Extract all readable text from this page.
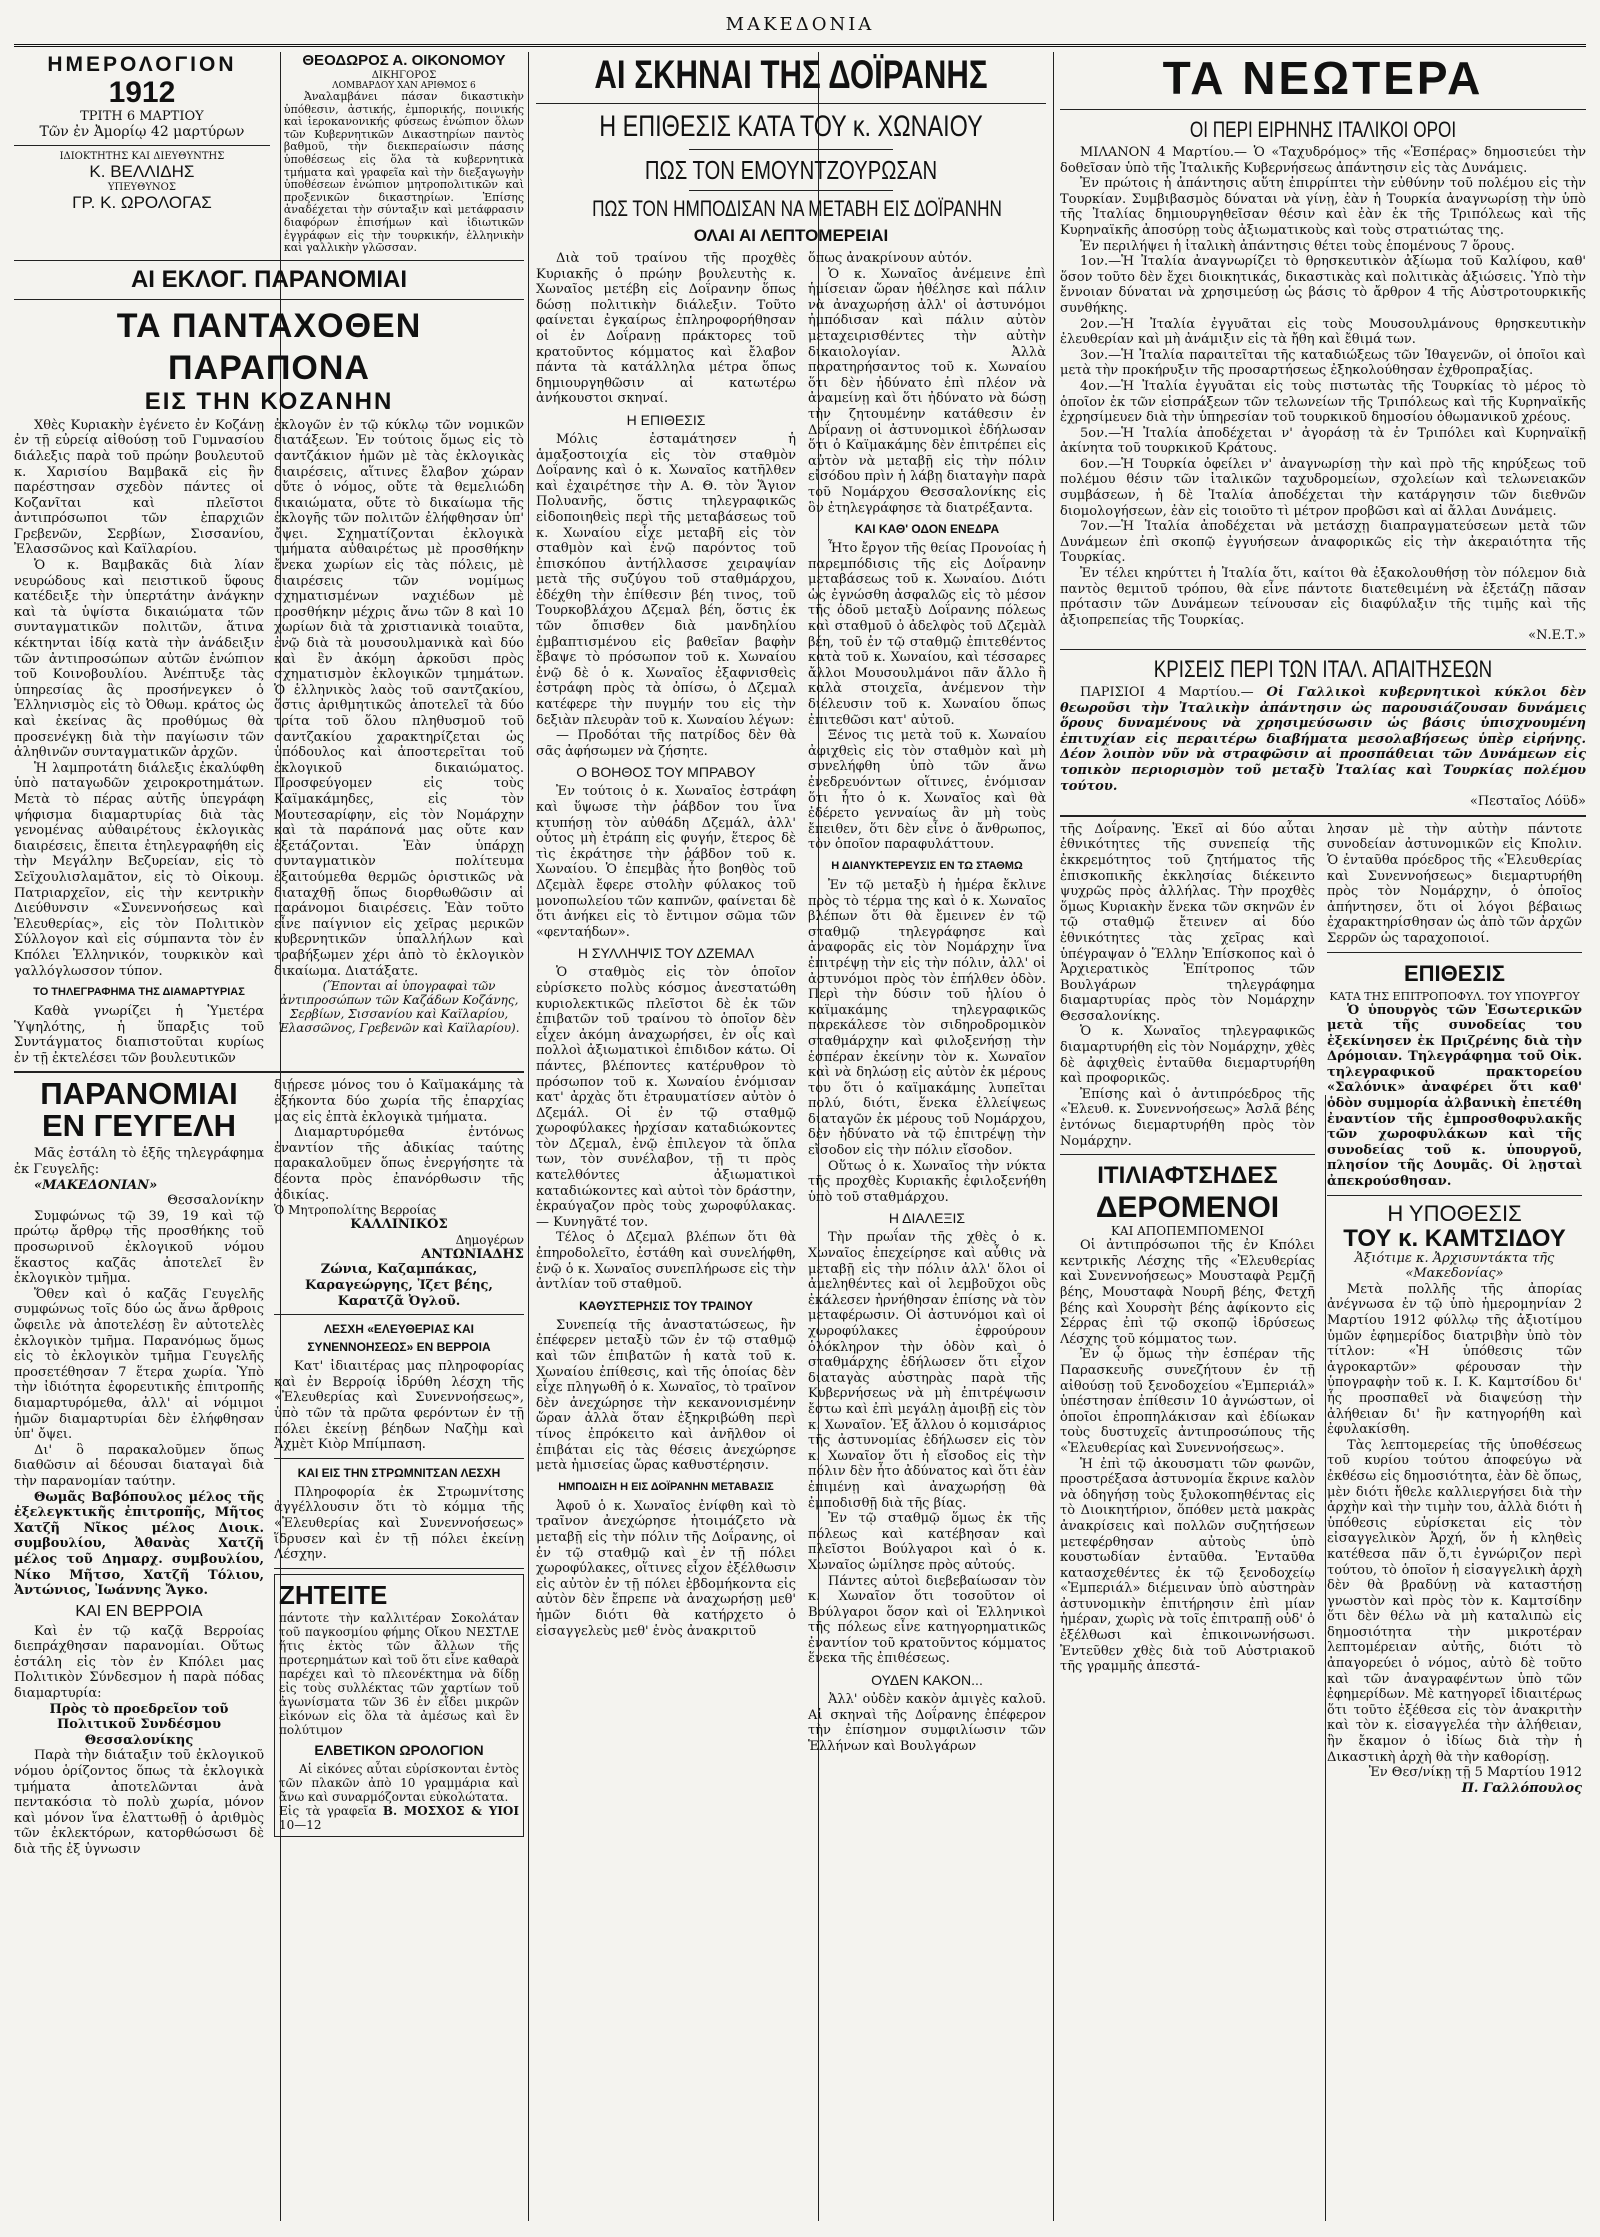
ΜΑΚΕΔΟΝΙΑ
ΗΜΕΡΟΛΟΓΙΟΝ
1912
ΤΡΙΤΗ 6 ΜΑΡΤΙΟΥ
Τῶν ἐν Ἀμορίῳ 42 μαρτύρων
ΙΔΙΟΚΤΗΤΗΣ ΚΑΙ ΔΙΕΥΘΥΝΤΗΣ
Κ. ΒΕΛΛΙΔΗΣ
ΥΠΕΥΘΥΝΟΣ
ΓΡ. Κ. ΩΡΟΛΟΓΑΣ
ΘΕΟΔΩΡΟΣ Α. ΟΙΚΟΝΟΜΟΥ
ΔΙΚΗΓΟΡΟΣ
ΛΟΜΒΑΡΔΟΥ ΧΑΝ ΑΡΙΘΜΟΣ 6

Ἀναλαμβάνει πάσαν δικαστικὴν ὑπόθεσιν, ἀστικής, ἐμπορικής, ποινικής καὶ ἱεροκανονικής φύσεως ἐνώπιον ὅλων τῶν Κυβερνητικῶν Δικαστηρίων παντὸς βαθμοῦ, τὴν διεκπεραίωσιν πάσης ὑποθέσεως εἰς ὅλα τὰ κυβερνητικὰ τμήματα καὶ γραφεῖα καὶ τὴν διεξαγωγὴν ὑποθέσεων ἐνώπιον μητροπολιτικῶν καὶ προξενικῶν δικαστηρίων. Ἐπίσης ἀναδέχεται τὴν σύνταξιν καὶ μετάφρασιν διαφόρων ἐπισήμων καὶ ἰδιωτικῶν ἐγγράφων εἰς τὴν τουρκικήν, ἑλληνικὴν καὶ γαλλικὴν γλῶσσαν.

ΑΙ ΕΚΛΟΓ. ΠΑΡΑΝΟΜΙΑΙ
ΤΑ ΠΑΝΤΑΧΟΘΕΝ ΠΑΡΑΠΟΝΑ
ΕΙΣ ΤΗΝ ΚΟΖΑΝΗΝ

Χθὲς Κυριακὴν ἐγένετο ἐν Κοζάνῃ ἐν τῇ εὐρείᾳ αἰθούσῃ τοῦ Γυμνασίου διάλεξις παρὰ τοῦ πρώην βουλευτοῦ κ. Χαρισίου Βαμβακᾶ εἰς ἣν παρέστησαν σχεδὸν πάντες οἱ Κοζανῖται καὶ πλεῖστοι ἀντιπρόσωποι τῶν ἐπαρχιῶν Γρεβενῶν, Σερβίων, Σισσανίου, Ἐλασσῶνος καὶ Καϊλαρίου.

Ὁ κ. Βαμβακᾶς διὰ λίαν νευρώδους καὶ πειστικοῦ ὕφους κατέδειξε τὴν ὑπερτάτην ἀνάγκην καὶ τὰ ὑψίστα δικαιώματα τῶν συνταγματικῶν πολιτῶν, ἅτινα κέκτηνται ἰδίᾳ κατὰ τὴν ἀνάδειξιν τῶν ἀντιπροσώπων αὐτῶν ἐνώπιον τοῦ Κοινοβουλίου. Ἀνέπτυξε τὰς ὑπηρεσίας ἃς προσήνεγκεν ὁ Ἑλληνισμὸς εἰς τὸ Ὀθωμ. κράτος ὡς καὶ ἐκείνας ἃς προθύμως θὰ προσενέγκῃ διὰ τὴν παγίωσιν τῶν ἀληθινῶν συνταγματικῶν ἀρχῶν.

Ἡ λαμπροτάτη διάλεξις ἐκαλύφθη ὑπὸ παταγωδῶν χειροκροτημάτων. Μετὰ τὸ πέρας αὐτῆς ὑπεγράφη ψήφισμα διαμαρτυρίας διὰ τὰς γενομένας αὐθαιρέτους ἐκλογικὰς διαιρέσεις, ἔπειτα ἐτηλεγραφήθη εἰς τὴν Μεγάλην Βεζυρείαν, εἰς τὸ Σεϊχουλισλαμᾶτον, εἰς τὸ Οἰκουμ. Πατριαρχεῖον, εἰς τὴν κεντρικὴν Διεύθυνσιν «Συνεννοήσεως καὶ Ἐλευθερίας», εἰς τὸν Πολιτικὸν Σύλλογον καὶ εἰς σύμπαντα τὸν ἐν Κπόλει Ἑλληνικόν, τουρκικὸν καὶ γαλλόγλωσσον τύπον.

ΤΟ ΤΗΛΕΓΡΑΦΗΜΑ ΤΗΣ ΔΙΑΜΑΡΤΥΡΙΑΣ

Καθὰ γνωρίζει ἡ Ὑμετέρα Ὑψηλότης, ἡ ὕπαρξις τοῦ Συντάγματος διαπιστοῦται κυρίως ἐν τῇ ἐκτελέσει τῶν βουλευτικῶν

ἐκλογῶν ἐν τῷ κύκλῳ τῶν νομικῶν διατάξεων. Ἐν τούτοις ὅμως εἰς τὸ σαντζάκιον ἡμῶν μὲ τὰς ἐκλογικὰς διαιρέσεις, αἵτινες ἔλαβον χώραν οὔτε ὁ νόμος, οὔτε τὰ θεμελιώδη δικαιώματα, οὔτε τὸ δικαίωμα τῆς ἐκλογῆς τῶν πολιτῶν ἐλήφθησαν ὑπ' ὄψει. Σχηματίζονται ἐκλογικὰ τμήματα αὐθαιρέτως μὲ προσθήκην ἔνεκα χωρίων εἰς τὰς πόλεις, μὲ διαιρέσεις τῶν νομίμως σχηματισμένων ναχιέδων μὲ προσθήκην μέχρις ἄνω τῶν 8 καὶ 10 χωρίων διὰ τὰ χριστιανικὰ τοιαῦτα, ἐνῷ διὰ τὰ μουσουλμανικὰ καὶ δύο καὶ ἓν ἀκόμη ἀρκοῦσι πρὸς σχηματισμὸν ἐκλογικῶν τμημάτων. Ὁ ἑλληνικὸς λαὸς τοῦ σαντζακίου, ὅστις ἀριθμητικῶς ἀποτελεῖ τὰ δύο τρίτα τοῦ ὅλου πληθυσμοῦ τοῦ σαντζακίου χαρακτηρίζεται ὡς ὑπόδουλος καὶ ἀποστερεῖται τοῦ ἐκλογικοῦ δικαιώματος. Προσφεύγομεν εἰς τοὺς Καϊμακάμηδες, εἰς τὸν Μουτεσαρίφην, εἰς τὸν Νομάρχην καὶ τὰ παράπονά μας οὔτε καν ἐξετάζονται. Ἐὰν ὑπάρχῃ συνταγματικὸν πολίτευμα ἐξαιτούμεθα θερμῶς ὁριστικῶς νὰ διαταχθῇ ὅπως διορθωθῶσιν αἱ παράνομοι διαιρέσεις. Ἐὰν τοῦτο εἶνε παίγνιον εἰς χεῖρας μερικῶν κυβερνητικῶν ὑπαλλήλων καὶ τραβήξωμεν χέρι ἀπὸ τὸ ἐκλογικὸν δικαίωμα. Διατάξατε.

(Ἕπονται αἱ ὑπογραφαὶ τῶν ἀντιπροσώπων τῶν Καζάδων Κοζάνης, Σερβίων, Σισσανίου καὶ Καϊλαρίου, Ἐλασσῶνος, Γρεβενῶν καὶ Καϊλαρίου).

ΠΑΡΑΝΟΜΙΑΙ
ΕΝ ΓΕΥΓΕΛΗ

Μᾶς ἐστάλη τὸ ἑξῆς τηλεγράφημα ἐκ Γευγελῆς:

«ΜΑΚΕΔΟΝΙΑΝ»

Θεσσαλονίκην

Συμφώνως τῷ 39, 19 καὶ τῷ πρώτῳ ἄρθρῳ τῆς προσθήκης τοῦ προσωρινοῦ ἐκλογικοῦ νόμου ἕκαστος καζᾶς ἀποτελεῖ ἓν ἐκλογικὸν τμῆμα.

Ὅθεν καὶ ὁ καζᾶς Γευγελῆς συμφώνως τοῖς δύο ὡς ἄνω ἄρθροις ὤφειλε νὰ ἀποτελέσῃ ἓν αὐτοτελὲς ἐκλογικὸν τμῆμα. Παρανόμως ὅμως εἰς τὸ ἐκλογικὸν τμῆμα Γευγελῆς προσετέθησαν 7 ἕτερα χωρία. Ὑπὸ τὴν ἰδιότητα ἐφορευτικῆς ἐπιτροπῆς διαμαρτυρόμεθα, ἀλλ' αἱ νόμιμοι ἡμῶν διαμαρτυρίαι δὲν ἐλήφθησαν ὑπ' ὄψει.

Δι' ὃ παρακαλοῦμεν ὅπως διαθῶσιν αἱ δέουσαι διαταγαὶ διὰ τὴν παρανομίαν ταύτην.

Θωμᾶς Βαβόπουλος μέλος τῆς ἐξελεγκτικῆς ἐπιτροπῆς, Μῆτος Χατζῆ Νῖκος μέλος Διοικ. συμβουλίου, Ἀθανὰς Χατζῆ μέλος τοῦ Δημαρχ. συμβουλίου, Νίκο Μῆτσο, Χατζῆ Τόλιου, Ἀντώνιος, Ἰωάννης Ἄγκο.

ΚΑΙ ΕΝ ΒΕΡΡΟΙΑ

Καὶ ἐν τῷ καζᾷ Βερροίας διεπράχθησαν παρανομίαι. Οὕτως ἐστάλη εἰς τὸν ἐν Κπόλει μας Πολιτικὸν Σύνδεσμον ἡ παρὰ πόδας διαμαρτυρία:

Πρὸς τὸ προεδρεῖον τοῦ Πολιτικοῦ Συνδέσμου Θεσσαλονίκης

Παρὰ τὴν διάταξιν τοῦ ἐκλογικοῦ νόμου ὁρίζοντος ὅπως τὰ ἐκλογικὰ τμήματα ἀποτελῶνται ἀνὰ πεντακόσια τὸ πολὺ χωρία, μόνον καὶ μόνον ἵνα ἐλαττωθῇ ὁ ἀριθμὸς τῶν ἐκλεκτόρων, κατορθώσωσι δὲ διὰ τῆς ἐξ ὑγνωσιν

διῄρεσε μόνος του ὁ Καϊμακάμης τὰ ἑξήκοντα δύο χωρία τῆς ἐπαρχίας μας εἰς ἑπτὰ ἐκλογικὰ τμήματα.

Διαμαρτυρόμεθα ἐντόνως ἐναντίον τῆς ἀδικίας ταύτης παρακαλοῦμεν ὅπως ἐνεργήσητε τὰ δέοντα πρὸς ἐπανόρθωσιν τῆς ἀδικίας.

Ὁ Μητροπολίτης Βερροίας

ΚΑΛΛΙΝΙΚΟΣ

Δημογέρων

ΑΝΤΩΝΙΑΔΗΣ

Ζώνια, Καζαμπάκας, Καραγεώργης, Ἰζετ βέης, Καρατζᾶ Ὀγλοῦ.

ΛΕΣΧΗ «ΕΛΕΥΘΕΡΙΑΣ ΚΑΙ ΣΥΝΕΝΝΟΗΣΕΩΣ» ΕΝ ΒΕΡΡΟΙΑ

Κατ' ἰδιαιτέρας μας πληροφορίας καὶ ἐν Βερροίᾳ ἱδρύθη λέσχη τῆς «Ἐλευθερίας καὶ Συνεννοήσεως», ὑπὸ τῶν τὰ πρῶτα φερόντων ἐν τῇ πόλει ἐκείνῃ βέηδων Ναζὴμ καὶ Ἀχμὲτ Κιὸρ Μπίμπαση.

ΚΑΙ ΕΙΣ ΤΗΝ ΣΤΡΩΜΝΙΤΣΑΝ ΛΕΣΧΗ

Πληροφορία ἐκ Στρωμνίτσης ἀγγέλλουσιν ὅτι τὸ κόμμα τῆς «Ἐλευθερίας καὶ Συνεννοήσεως» ἵδρυσεν καὶ ἐν τῇ πόλει ἐκείνῃ Λέσχην.

ΖΗΤΕΙΤΕ

πάντοτε τὴν καλλιτέραν Σοκολάταν τοῦ παγκοσμίου φήμης Οἴκου ΝΕΣΤΛΕ ἥτις ἐκτὸς τῶν ἄλλων τῆς προτερημάτων καὶ τοῦ ὅτι εἶνε καθαρὰ παρέχει καὶ τὸ πλεονέκτημα νὰ δίδῃ εἰς τοὺς συλλέκτας τῶν χαρτίων τοῦ ἀγωνίσματα τῶν 36 ἐν εἴδει μικρῶν εἰκόνων εἰς ὅλα τὰ ἀμέσως καὶ ἓν πολύτιμον

ΕΛΒΕΤΙΚΟΝ ΩΡΟΛΟΓΙΟΝ

Αἱ εἰκόνες αὗται εὑρίσκονται ἐντὸς τῶν πλακῶν ἀπὸ 10 γραμμάρια καὶ ἄνω καὶ συναρμόζονται εὐκολώτατα.

Εἰς τὰ γραφεῖα Β. ΜΟΣΧΟΣ & ΥΙΟΙ 10—12

ΑΙ ΣΚΗΝΑΙ ΤΗΣ ΔΟΪΡΑΝΗΣ
Η ΕΠΙΘΕΣΙΣ ΚΑΤΑ ΤΟΥ κ. ΧΩΝΑΙΟΥ
ΠΩΣ ΤΟΝ ΕΜΟΥΝΤΖΟΥΡΩΣΑΝ
ΠΩΣ ΤΟΝ ΗΜΠΟΔΙΣΑΝ ΝΑ ΜΕΤΑΒΗ ΕΙΣ ΔΟΪΡΑΝΗΝ
ΟΛΑΙ ΑΙ ΛΕΠΤΟΜΕΡΕΙΑΙ

Διὰ τοῦ τραίνου τῆς προχθὲς Κυριακῆς ὁ πρώην βουλευτὴς κ. Χωναῖος μετέβη εἰς Δοΐρανην ὅπως δώσῃ πολιτικὴν διάλεξιν. Τοῦτο φαίνεται ἐγκαίρως ἐπληροφορήθησαν οἱ ἐν Δοΐρανῃ πράκτορες τοῦ κρατοῦντος κόμματος καὶ ἔλαβον πάντα τὰ κατάλληλα μέτρα ὅπως δημιουργηθῶσιν αἱ κατωτέρω ἀνήκουστοι σκηναί.

Η ΕΠΙΘΕΣΙΣ

Μόλις ἐσταμάτησεν ἡ ἁμαξοστοιχία εἰς τὸν σταθμὸν Δοΐρανης καὶ ὁ κ. Χωναῖος κατῆλθεν καὶ ἐχαιρέτησε τὴν Α. Θ. τὸν Ἅγιον Πολυανῆς, ὅστις τηλεγραφικῶς εἰδοποιηθεὶς περὶ τῆς μεταβάσεως τοῦ κ. Χωναίου εἶχε μεταβῆ εἰς τὸν σταθμὸν καὶ ἐνῷ παρόντος τοῦ ἐπισκόπου ἀντήλλασσε χειραψίαν μετὰ τῆς συζύγου τοῦ σταθμάρχου, ἐδέχθη τὴν ἐπίθεσιν βέη τινος, τοῦ Τουρκοβλάχου Δζεμαλ βέη, ὅστις ἐκ τῶν ὄπισθεν διὰ μανδηλίου ἐμβαπτισμένου εἰς βαθεῖαν βαφὴν ἔβαψε τὸ πρόσωπον τοῦ κ. Χωναίου ἐνῷ δὲ ὁ κ. Χωναῖος ἐξαφνισθεὶς ἐστράφη πρὸς τὰ ὀπίσω, ὁ Δζεμαλ κατέφερε τὴν πυγμήν του εἰς τὴν δεξιὰν πλευρὰν τοῦ κ. Χωναίου λέγων:

— Προδόται τῆς πατρίδος δὲν θὰ σᾶς ἀφήσωμεν νὰ ζήσητε.

Ο ΒΟΗΘΟΣ ΤΟΥ ΜΠΡΑΒΟΥ

Ἐν τούτοις ὁ κ. Χωναῖος ἐστράφη καὶ ὕψωσε τὴν ῥάβδον του ἵνα κτυπήσῃ τὸν αὐθάδη Δζεμάλ, ἀλλ' οὗτος μὴ ἐτράπη εἰς φυγήν, ἕτερος δὲ τὶς ἐκράτησε τὴν ῥάβδον τοῦ κ. Χωναίου. Ὁ ἐπεμβὰς ἦτο βοηθὸς τοῦ Δζεμὰλ ἔφερε στολὴν φύλακος τοῦ μονοπωλείου τῶν καπνῶν, φαίνεται δὲ ὅτι ἀνήκει εἰς τὸ ἔντιμον σῶμα τῶν «φενταήδων».

Η ΣΥΛΛΗΨΙΣ ΤΟΥ ΔΖΕΜΑΛ

Ὁ σταθμὸς εἰς τὸν ὁποῖον εὑρίσκετο πολὺς κόσμος ἀνεστατώθη κυριολεκτικῶς πλεῖστοι δὲ ἐκ τῶν ἐπιβατῶν τοῦ τραίνου τὸ ὁποῖον δὲν εἶχεν ἀκόμη ἀναχωρήσει, ἐν οἷς καὶ πολλοὶ ἀξιωματικοὶ ἐπιδιδον κάτω. Οἱ πάντες, βλέποντες κατέρυθρον τὸ πρόσωπον τοῦ κ. Χωναίου ἐνόμισαν κατ' ἀρχὰς ὅτι ἐτραυματίσεν αὐτὸν ὁ Δζεμάλ. Οἱ ἐν τῷ σταθμῷ χωροφύλακες ἠρχίσαν καταδιώκοντες τὸν Δζεμαλ, ἐνῷ ἐπιλεγον τὰ ὅπλα των, τὸν συνέλαβον, τῇ τι πρὸς κατελθόντες ἀξιωματικοὶ καταδιώκοντες καὶ αὐτοὶ τὸν δράστην, ἐκραύγαζον πρὸς τοὺς χωροφύλακας. — Κυνηγᾶτέ τον.

Τέλος ὁ Δζεμαλ βλέπων ὅτι θὰ ἐπηροδολεῖτο, ἐστάθη καὶ συνελήφθη, ἐνῷ ὁ κ. Χωναῖος συνεπλήρωσε εἰς τὴν ἀντλίαν τοῦ σταθμοῦ.

ΚΑΘΥΣΤΕΡΗΣΙΣ ΤΟΥ ΤΡΑΙΝΟΥ

Συνεπείᾳ τῆς ἀναστατώσεως, ἣν ἐπέφερεν μεταξὺ τῶν ἐν τῷ σταθμῷ καὶ τῶν ἐπιβατῶν ἡ κατὰ τοῦ κ. Χωναίου ἐπίθεσις, καὶ τῆς ὁποίας δὲν εἶχε πληγωθῆ ὁ κ. Χωναῖος, τὸ τραῖνον δὲν ἀνεχώρησε τὴν κεκανονισμένην ὥραν ἀλλὰ ὅταν ἐξηκριβώθη περὶ τίνος ἐπρόκειτο καὶ ἀνῆλθον οἱ ἐπιβάται εἰς τὰς θέσεις ἀνεχώρησε μετὰ ἡμισείας ὥρας καθυστέρησιν.

ΗΜΠΟΔΙΣΗ Η ΕΙΣ ΔΟΪΡΑΝΗΝ ΜΕΤΑΒΑΣΙΣ

Ἀφοῦ ὁ κ. Χωναῖος ἐνίφθη καὶ τὸ τραῖνον ἀνεχώρησε ἠτοιμάζετο νὰ μεταβῇ εἰς τὴν πόλιν τῆς Δοΐρανης, οἱ ἐν τῷ σταθμῷ καὶ ἐν τῇ πόλει χωροφύλακες, οἵτινες εἶχον ἐξέλθωσιν εἰς αὐτὸν ἐν τῇ πόλει ἐβδομήκοντα εἰς αὐτὸν δὲν ἔπρεπε νὰ ἀναχωρήσῃ μεθ' ἡμῶν διότι θὰ κατήρχετο ὁ εἰσαγγελεὺς μεθ' ἑνὸς ἀνακριτοῦ

ὅπως ἀνακρίνουν αὐτόν.

Ὁ κ. Χωναῖος ἀνέμεινε ἐπὶ ἡμίσειαν ὥραν ἠθέλησε καὶ πάλιν νὰ ἀναχωρήσῃ ἀλλ' οἱ ἀστυνόμοι ἠμπόδισαν καὶ πάλιν αὐτὸν μεταχειρισθέντες τὴν αὐτὴν δικαιολογίαν. Ἀλλὰ παρατηρήσαντος τοῦ κ. Χωναίου ὅτι δὲν ἠδύνατο ἐπὶ πλέον νὰ ἀναμείνῃ καὶ ὅτι ἠδύνατο νὰ δώσῃ τὴν ζητουμένην κατάθεσιν ἐν Δοΐρανῃ οἱ ἀστυνομικοὶ ἐδήλωσαν ὅτι ὁ Καϊμακάμης δὲν ἐπιτρέπει εἰς αὐτὸν νὰ μεταβῇ εἰς τὴν πόλιν εἰσόδου πρὶν ἡ λάβῃ διαταγὴν παρὰ τοῦ Νομάρχου Θεσσαλονίκης εἰς ὃν ἐτηλεγράφησε τὰ διατρέξαντα.

ΚΑΙ ΚΑΘ' ΟΔΟΝ ΕΝΕΔΡΑ

Ἦτο ἔργον τῆς θείας Προνοίας ἡ παρεμπόδισις τῆς εἰς Δοΐρανην μεταβάσεως τοῦ κ. Χωναίου. Διότι ὡς ἐγνώσθη ἀσφαλῶς εἰς τὸ μέσον τῆς ὁδοῦ μεταξὺ Δοΐρανης πόλεως καὶ σταθμοῦ ὁ ἀδελφὸς τοῦ Δζεμὰλ βέη, τοῦ ἐν τῷ σταθμῷ ἐπιτεθέντος κατὰ τοῦ κ. Χωναίου, καὶ τέσσαρες ἄλλοι Μουσουλμάνοι πᾶν ἄλλο ἢ καλὰ στοιχεῖα, ἀνέμενον τὴν διέλευσιν τοῦ κ. Χωναίου ὅπως ἐπιτεθῶσι κατ' αὐτοῦ.

Ξένος τις μετὰ τοῦ κ. Χωναίου ἀφιχθεὶς εἰς τὸν σταθμὸν καὶ μὴ συνελήφθη ὑπὸ τῶν ἄνω ἐνεδρευόντων οἵτινες, ἐνόμισαν ὅτι ἦτο ὁ κ. Χωναῖος καὶ θὰ ἐδέρετο γενναίως ἂν μὴ τοὺς ἔπειθεν, ὅτι δὲν εἶνε ὁ ἄνθρωπος, τὸν ὁποῖον παραφυλάττουν.

Η ΔΙΑΝΥΚΤΕΡΕΥΣΙΣ ΕΝ ΤΩ ΣΤΑΘΜΩ

Ἐν τῷ μεταξὺ ἡ ἡμέρα ἔκλινε πρὸς τὸ τέρμα της καὶ ὁ κ. Χωναῖος βλέπων ὅτι θὰ ἔμεινεν ἐν τῷ σταθμῷ τηλεγράφησε καὶ ἀναφορᾶς εἰς τὸν Νομάρχην ἵνα ἐπιτρέψῃ τὴν εἰς τὴν πόλιν, ἀλλ' οἱ ἀστυνόμοι πρὸς τὸν ἐπήλθεν ὁδὸν. Περὶ τὴν δύσιν τοῦ ἡλίου ὁ καϊμακάμης τηλεγραφικῶς παρεκάλεσε τὸν σιδηροδρομικὸν σταθμάρχην καὶ φιλοξενήσῃ τὴν ἑσπέραν ἐκείνην τὸν κ. Χωναῖον καὶ νὰ δηλώσῃ εἰς αὐτὸν ἐκ μέρους του ὅτι ὁ καϊμακάμης λυπεῖται πολύ, διότι, ἕνεκα ἐλλείψεως διαταγῶν ἐκ μέρους τοῦ Νομάρχου, δὲν ἠδύνατο νὰ τῷ ἐπιτρέψῃ τὴν εἴσοδον εἰς τὴν πόλιν εἴσοδον.

Οὕτως ὁ κ. Χωναῖος τὴν νύκτα τῆς προχθὲς Κυριακῆς ἐφιλοξενήθη ὑπὸ τοῦ σταθμάρχου.

Η ΔΙΑΛΕΞΙΣ

Τὴν πρωΐαν τῆς χθὲς ὁ κ. Χωναῖος ἐπεχείρησε καὶ αὖθις νὰ μεταβῇ εἰς τὴν πόλιν ἀλλ' ὅλοι οἱ ἀμεληθέντες καὶ οἱ λεμβοῦχοι οὓς ἐκάλεσεν ἠρνήθησαν ἐπίσης νὰ τὸν μεταφέρωσιν. Οἱ ἀστυνόμοι καὶ οἱ χωροφύλακες ἐφρούρουν ὁλόκληρον τὴν ὁδὸν καὶ ὁ σταθμάρχης ἐδήλωσεν ὅτι εἶχον διαταγὰς αὐστηρὰς παρὰ τῆς Κυβερνήσεως νὰ μὴ ἐπιτρέψωσιν ἔστω καὶ ἐπὶ μεγάλῃ ἀμοιβῇ εἰς τὸν κ. Χωναῖον. Ἐξ ἄλλου ὁ κομισάριος τῆς ἀστυνομίας ἐδήλωσεν εἰς τὸν κ. Χωναῖον ὅτι ἡ εἴσοδος εἰς τὴν πόλιν δὲν ἦτο ἀδύνατος καὶ ὅτι ἐὰν ἐπιμένῃ καὶ ἀναχωρήσῃ θὰ ἐμποδισθῇ διὰ τῆς βίας.

Ἐν τῷ σταθμῷ ὅμως ἐκ τῆς πόλεως καὶ κατέβησαν καὶ πλεῖστοι Βούλγαροι καὶ ὁ κ. Χωναῖος ὡμίλησε πρὸς αὐτούς.

Πάντες αὐτοὶ διεβεβαίωσαν τὸν κ. Χωναῖον ὅτι τοσοῦτον οἱ Βούλγαροι ὅσον καὶ οἱ Ἑλληνικοὶ τῆς πόλεως εἶνε κατηγορηματικῶς ἐναντίον τοῦ κρατοῦντος κόμματος ἕνεκα τῆς ἐπιθέσεως.

ΟΥΔΕΝ ΚΑΚΟΝ...

Ἀλλ' οὐδὲν κακὸν ἀμιγὲς καλοῦ. Αἱ σκηναὶ τῆς Δοΐρανης ἐπέφερον τὴν ἐπίσημον συμφιλίωσιν τῶν Ἑλλήνων καὶ Βουλγάρων

ΤΑ ΝΕΩΤΕΡΑ
ΟΙ ΠΕΡΙ ΕΙΡΗΝΗΣ ΙΤΑΛΙΚΟΙ ΟΡΟΙ

ΜΙΛΑΝΟΝ 4 Μαρτίου.— Ὁ «Ταχυδρόμος» τῆς «Ἑσπέρας» δημοσιεύει τὴν δοθεῖσαν ὑπὸ τῆς Ἰταλικῆς Κυβερνήσεως ἀπάντησιν εἰς τὰς Δυνάμεις.

Ἐν πρώτοις ἡ ἀπάντησις αὕτη ἐπιρρίπτει τὴν εὐθύνην τοῦ πολέμου εἰς τὴν Τουρκίαν. Συμβιβασμὸς δύναται νὰ γίνῃ, ἐὰν ἡ Τουρκία ἀναγνωρίσῃ τὴν ὑπὸ τῆς Ἰταλίας δημιουργηθεῖσαν θέσιν καὶ ἐὰν ἐκ τῆς Τριπόλεως καὶ τῆς Κυρηναϊκῆς ἀποσύρῃ τοὺς ἀξιωματικοὺς καὶ τοὺς στρατιώτας της.

Ἐν περιλήψει ἡ ἰταλικὴ ἀπάντησις θέτει τοὺς ἑπομένους 7 ὅρους.

1ον.—Ἡ Ἰταλία ἀναγνωρίζει τὸ θρησκευτικὸν ἀξίωμα τοῦ Καλίφου, καθ' ὅσον τοῦτο δὲν ἔχει διοικητικάς, δικαστικὰς καὶ πολιτικὰς ἀξιώσεις. Ὑπὸ τὴν ἔννοιαν δύναται νὰ χρησιμεύσῃ ὡς βάσις τὸ ἄρθρον 4 τῆς Αὐστροτουρκικῆς συνθήκης.

2ον.—Ἡ Ἰταλία ἐγγυᾶται εἰς τοὺς Μουσουλμάνους θρησκευτικὴν ἐλευθερίαν καὶ μὴ ἀνάμιξιν εἰς τὰ ἤθη καὶ ἔθιμά των.

3ον.—Ἡ Ἰταλία παραιτεῖται τῆς καταδιώξεως τῶν Ἰθαγενῶν, οἱ ὁποῖοι καὶ μετὰ τὴν προκήρυξιν τῆς προσαρτήσεως ἐξηκολούθησαν ἐχθροπραξίας.

4ον.—Ἡ Ἰταλία ἐγγυᾶται εἰς τοὺς πιστωτὰς τῆς Τουρκίας τὸ μέρος τὸ ὁποῖον ἐκ τῶν εἰσπράξεων τῶν τελωνείων τῆς Τριπόλεως καὶ τῆς Κυρηναϊκῆς ἐχρησίμευεν διὰ τὴν ὑπηρεσίαν τοῦ τουρκικοῦ δημοσίου ὀθωμανικοῦ χρέους.

5ον.—Ἡ Ἰταλία ἀποδέχεται ν' ἀγοράσῃ τὰ ἐν Τριπόλει καὶ Κυρηναϊκῇ ἀκίνητα τοῦ τουρκικοῦ Κράτους.

6ον.—Ἡ Τουρκία ὀφείλει ν' ἀναγνωρίσῃ τὴν καὶ πρὸ τῆς κηρύξεως τοῦ πολέμου θέσιν τῶν ἰταλικῶν ταχυδρομείων, σχολείων καὶ τελωνειακῶν συμβάσεων, ἡ δὲ Ἰταλία ἀποδέχεται τὴν κατάργησιν τῶν διεθνῶν διομολογήσεων, ἐὰν εἰς τοιοῦτο τὶ μέτρον προβῶσι καὶ αἱ ἄλλαι Δυνάμεις.

7ον.—Ἡ Ἰταλία ἀποδέχεται νὰ μετάσχῃ διαπραγματεύσεων μετὰ τῶν Δυνάμεων ἐπὶ σκοπῷ ἐγγυήσεων ἀναφορικῶς εἰς τὴν ἀκεραιότητα τῆς Τουρκίας.

Ἐν τέλει κηρύττει ἡ Ἰταλία ὅτι, καίτοι θὰ ἐξακολουθήσῃ τὸν πόλεμον διὰ παντὸς θεμιτοῦ τρόπου, θὰ εἶνε πάντοτε διατεθειμένη νὰ ἐξετάζῃ πᾶσαν πρότασιν τῶν Δυνάμεων τείνουσαν εἰς διαφύλαξιν τῆς τιμῆς καὶ τῆς ἀξιοπρεπείας τῆς Τουρκίας.

«Ν.Ε.Τ.»

ΚΡΙΣΕΙΣ ΠΕΡΙ ΤΩΝ ΙΤΑΛ. ΑΠΑΙΤΗΣΕΩΝ

ΠΑΡΙΣΙΟΙ 4 Μαρτίου.— Οἱ Γαλλικοὶ κυβερνητικοὶ κύκλοι δὲν θεωροῦσι τὴν Ἰταλικὴν ἀπάντησιν ὡς παρουσιάζουσαν δυνάμεις ὅρους δυναμένους νὰ χρησιμεύσωσιν ὡς βάσις ὑπισχνουμένη ἐπιτυχίαν εἰς περαιτέρω διαβήματα μεσολαβήσεως ὑπὲρ εἰρήνης. Δέον λοιπὸν νῦν νὰ στραφῶσιν αἱ προσπάθειαι τῶν Δυνάμεων εἰς τοπικὸν περιορισμὸν τοῦ μεταξὺ Ἰταλίας καὶ Τουρκίας πολέμου τούτου.

«Πεσταῖος Λόϋδ»

τῆς Δοΐρανης. Ἐκεῖ αἱ δύο αὗται ἐθνικότητες τῆς συνεπείᾳ τῆς ἐκκρεμότητος τοῦ ζητήματος τῆς ἐπισκοπικῆς ἐκκλησίας διέκειντο ψυχρῶς πρὸς ἀλλήλας. Τὴν προχθὲς ὅμως Κυριακὴν ἕνεκα τῶν σκηνῶν ἐν τῷ σταθμῷ ἔτεινεν αἱ δύο ἐθνικότητες τὰς χεῖρας καὶ ὑπέγραψαν ὁ Ἕλλην Ἐπίσκοπος καὶ ὁ Ἀρχιερατικὸς Ἐπίτροπος τῶν Βουλγάρων τηλεγράφημα διαμαρτυρίας πρὸς τὸν Νομάρχην Θεσσαλονίκης.

Ὁ κ. Χωναῖος τηλεγραφικῶς διαμαρτυρήθη εἰς τὸν Νομάρχην, χθὲς δὲ ἀφιχθεὶς ἐνταῦθα διεμαρτυρήθη καὶ προφορικῶς.

Ἐπίσης καὶ ὁ ἀντιπρόεδρος τῆς «Ἐλευθ. κ. Συνεννοήσεως» Ἀσλᾶ βέης ἐντόνως διεμαρτυρήθη πρὸς τὸν Νομάρχην.

ΙΤΙΛΙΑΦΤΣΗΔΕΣ
ΔΕΡΟΜΕΝΟΙ
ΚΑΙ ΑΠΟΠΕΜΠΟΜΕΝΟΙ

Οἱ ἀντιπρόσωποι τῆς ἐν Κπόλει κεντρικῆς Λέσχης τῆς «Ἐλευθερίας καὶ Συνεννοήσεως» Μουσταφὰ Ρεμζῆ βέης, Μουσταφὰ Νουρῆ βέης, Φετχῆ βέης καὶ Χουρσὴτ βέης ἀφίκοντο εἰς Σέρρας ἐπὶ τῷ σκοπῷ ἱδρύσεως Λέσχης τοῦ κόμματος των.

Ἐν ᾧ ὅμως τὴν ἑσπέραν τῆς Παρασκευῆς συνεζήτουν ἐν τῇ αἰθούσῃ τοῦ ξενοδοχείου «Ἐμπεριάλ» ὑπέστησαν ἐπίθεσιν 10 ἀγνώστων, οἱ ὁποῖοι ἐπροπηλάκισαν καὶ ἐδίωκαν τοὺς δυστυχεῖς ἀντιπροσώπους τῆς «Ἐλευθερίας καὶ Συνεννοήσεως».

Ἡ ἐπὶ τῷ ἀκουσματι τῶν φωνῶν, προστρέξασα ἀστυνομία ἔκρινε καλὸν νὰ ὁδηγήσῃ τοὺς ξυλοκοπηθέντας εἰς τὸ Διοικητήριον, ὅπόθεν μετὰ μακρὰς ἀνακρίσεις καὶ πολλῶν συζητήσεων μετεφέρθησαν αὐτοὺς ὑπὸ κουστωδίαν ἐνταῦθα. Ἐνταῦθα κατασχεθέντες ἐκ τῷ ξενοδοχείῳ «Ἐμπεριάλ» διέμειναν ὑπὸ αὐστηρὰν ἀστυνομικὴν ἐπιτήρησιν ἐπὶ μίαν ἡμέραν, χωρὶς νὰ τοῖς ἐπιτραπῇ οὐδ' ὁ ἐξέλθωσι καὶ ἐπικοινωνήσωσι. Ἐντεῦθεν χθὲς διὰ τοῦ Αὐστριακοῦ τῆς γραμμῆς ἀπεστά-

λησαν μὲ τὴν αὐτὴν πάντοτε συνοδείαν ἀστυνομικῶν εἰς Κπολιν. Ὁ ἐνταῦθα πρόεδρος τῆς «Ἐλευθερίας καὶ Συνεννοήσεως» διεμαρτυρήθη πρὸς τὸν Νομάρχην, ὁ ὁποῖος ἀπήντησεν, ὅτι οἱ λόγοι βέβαιως ἐχαρακτηρίσθησαν ὡς ἀπὸ τῶν ἀρχῶν Σερρῶν ὡς ταραχοποιοί.

ΕΠΙΘΕΣΙΣ
ΚΑΤΑ ΤΗΣ ΕΠΙΤΡΟΠΟΦΥΛ. ΤΟΥ ΥΠΟΥΡΓΟΥ

Ὁ ὑπουργὸς τῶν Ἐσωτερικῶν μετὰ τῆς συνοδείας του ἐξεκίνησεν ἐκ Πριζρένης διὰ τὴν Δρόμοιαν. Τηλεγράφημα τοῦ Οἰκ. τηλεγραφικοῦ πρακτορείου «Σαλόνικ» ἀναφέρει ὅτι καθ' ὁδὸν συμμορία ἀλβανικὴ ἐπετέθη ἐναντίον τῆς ἐμπροσθοφυλακῆς τῶν χωροφυλάκων καὶ τῆς συνοδείας τοῦ κ. ὑπουργοῦ, πλησίον τῆς Δουμᾶς. Οἱ λῃσταὶ ἀπεκρούσθησαν.

Η ΥΠΟΘΕΣΙΣ
ΤΟΥ κ. ΚΑΜΤΣΙΔΟΥ

Ἀξιότιμε κ. Ἀρχισυντάκτα τῆς «Μακεδονίας»

Μετὰ πολλῆς τῆς ἀπορίας ἀνέγνωσα ἐν τῷ ὑπὸ ἡμερομηνίαν 2 Μαρτίου 1912 φύλλῳ τῆς ἀξιοτίμου ὑμῶν ἐφημερίδος διατριβὴν ὑπὸ τὸν τίτλον: «Ἡ ὑπόθεσις τῶν ἀγροκαρτῶν» φέρουσαν τὴν ὑπογραφὴν τοῦ κ. Ι. Κ. Καμτσίδου δι' ἧς προσπαθεῖ νὰ διαψεύσῃ τὴν ἀλήθειαν δι' ἣν κατηγορήθη καὶ ἐφυλακίσθη.

Τὰς λεπτομερείας τῆς ὑποθέσεως τοῦ κυρίου τούτου ἀποφεύγω νὰ ἐκθέσω εἰς δημοσιότητα, ἐὰν δὲ ὅπως, μὲν διότι ἤθελε καλλιεργήσει διὰ τὴν ἀρχὴν καὶ τὴν τιμὴν του, ἀλλὰ διότι ἡ ὑπόθεσις εὑρίσκεται εἰς τὸν εἰσαγγελικὸν Ἀρχή, ὅν ἡ κληθεὶς κατέθεσα πᾶν ὅ,τι ἐγνώριζον περὶ τούτου, τὸ ὁποῖον ἡ εἰσαγγελικὴ ἀρχὴ δὲν θὰ βραδύνῃ νὰ καταστήσῃ γνωστὸν καὶ πρὸς τὸν κ. Καμτσίδην ὅτι δὲν θέλω νὰ μὴ καταλιπὼ εἰς δημοσιότητα τὴν μικροτέραν λεπτομέρειαν αὐτῆς, διότι τὸ ἀπαγορεύει ὁ νόμος, αὐτὸ δὲ τοῦτο καὶ τῶν ἀναγραφέντων ὑπὸ τῶν ἐφημερίδων. Μὲ κατηγορεῖ ἰδιαιτέρως ὅτι τοῦτο ἐξέθεσα εἰς τὸν ἀνακριτὴν καὶ τὸν κ. εἰσαγγελέα τὴν ἀλήθειαν, ἣν ἔκαμον ὁ ἰδίως διὰ τὴν ἡ Δικαστικὴ ἀρχὴ θὰ τὴν καθορίσῃ.

Ἐν Θεσ/νίκῃ τῇ 5 Μαρτίου 1912

Π. Γαλλόπουλος
